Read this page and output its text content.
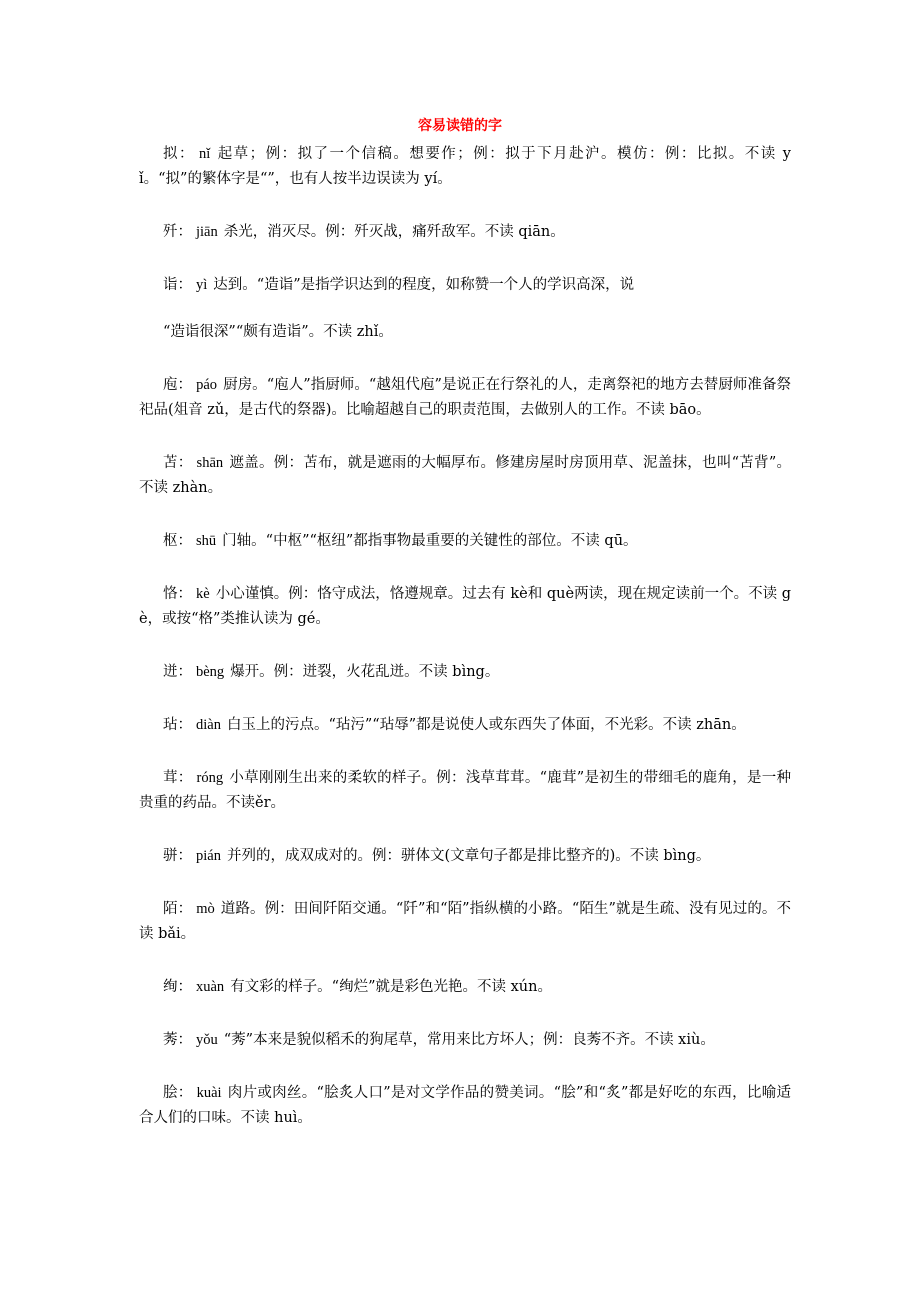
容易读错的字

拟： nǐ 起草；例：拟了一个信稿。想要作；例：拟于下月赴沪。模仿：例：比拟。不读 yǐ。“拟”的繁体字是“”，也有人按半边误读为 yí。

歼： jiān 杀光，消灭尽。例：歼灭战，痛歼敌军。不读 qiān。

诣： yì 达到。“造诣”是指学识达到的程度，如称赞一个人的学识高深，说

“造诣很深”“颇有造诣”。不读 zhǐ。

庖： páo 厨房。“庖人”指厨师。“越俎代庖”是说正在行祭礼的人，走离祭祀的地方去替厨师准备祭祀品(俎音 zǔ，是古代的祭器)。比喻超越自己的职责范围，去做别人的工作。不读 bāo。

苫： shān 遮盖。例：苫布，就是遮雨的大幅厚布。修建房屋时房顶用草、泥盖抹，也叫“苫背”。不读 zhàn。

枢： shū 门轴。“中枢”“枢纽”都指事物最重要的关键性的部位。不读 qū。

恪： kè 小心谨慎。例：恪守成法，恪遵规章。过去有 kè和 què两读，现在规定读前一个。不读 gè，或按“格”类推认读为 gé。

迸： bèng 爆开。例：迸裂，火花乱迸。不读 bìng。

玷： diàn 白玉上的污点。“玷污”“玷辱”都是说使人或东西失了体面，不光彩。不读 zhān。

茸： róng 小草刚刚生出来的柔软的样子。例：浅草茸茸。“鹿茸”是初生的带细毛的鹿角，是一种贵重的药品。不读ěr。

骈： pián 并列的，成双成对的。例：骈体文(文章句子都是排比整齐的)。不读 bìng。

陌： mò 道路。例：田间阡陌交通。“阡”和“陌”指纵横的小路。“陌生”就是生疏、没有见过的。不读 bǎi。

绚： xuàn 有文彩的样子。“绚烂”就是彩色光艳。不读 xún。

莠： yǒu “莠”本来是貌似稻禾的狗尾草，常用来比方坏人；例：良莠不齐。不读 xiù。

脍： kuài 肉片或肉丝。“脍炙人口”是对文学作品的赞美词。“脍”和“炙”都是好吃的东西，比喻适合人们的口味。不读 huì。
